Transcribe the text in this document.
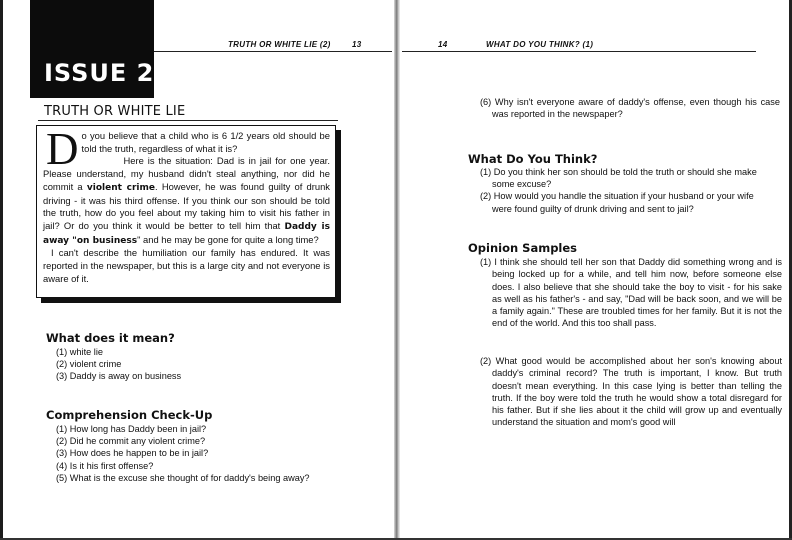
ISSUE 2
TRUTH OR WHITE LIE (2)	13
TRUTH OR WHITE LIE

Do you believe that a child who is 6 1/2 years old should be told the truth, regardless of what it is?

Here is the situation: Dad is in jail for one year. Please understand, my husband didn't steal anything, nor did he commit a violent crime. However, he was found guilty of drunk driving - it was his third offense. If you think our son should be told the truth, how do you feel about my taking him to visit his father in jail? Or do you think it would be better to tell him that Daddy is away "on business" and he may be gone for quite a long time?

I can't describe the humiliation our family has endured. It was reported in the newspaper, but this is a large city and not everyone is aware of it.

What does it mean?
(1) white lie
(2) violent crime
(3) Daddy is away on business
Comprehension Check-Up
(1) How long has Daddy been in jail?
(2) Did he commit any violent crime?
(3) How does he happen to be in jail?
(4) Is it his first offense?
(5) What is the excuse she thought of for daddy's being away?
14	WHAT DO YOU THINK? (1)
(6) Why isn't everyone aware of daddy's offense, even though his case was reported in the newspaper?
What Do You Think?
(1) Do you think her son should be told the truth or should she make some excuse?
(2) How would you handle the situation if your husband or your wife were found guilty of drunk driving and sent to jail?
Opinion Samples
(1) I think she should tell her son that Daddy did something wrong and is being locked up for a while, and tell him now, before someone else does. I also believe that she should take the boy to visit - for his sake as well as his father's - and say, "Dad will be back soon, and we will be a family again." These are troubled times for her family. But it is not the end of the world. And this too shall pass.
(2) What good would be accomplished about her son's knowing about daddy's criminal record? The truth is important, I know. But truth doesn't mean everything. In this case lying is better than telling the truth. If the boy were told the truth he would show a total disregard for his father. But if she lies about it the child will grow up and eventually understand the situation and mom's good will
